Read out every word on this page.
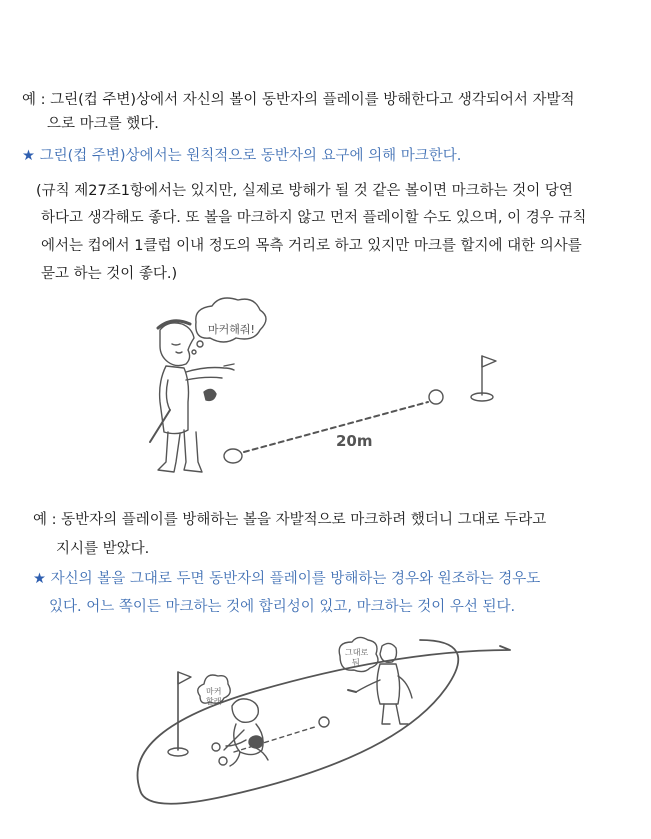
예 : 그린(컵 주변)상에서 자신의 볼이 동반자의 플레이를 방해한다고 생각되어서 자발적
으로 마크를 했다.
★ 그린(컵 주변)상에서는 원칙적으로 동반자의 요구에 의해 마크한다.
(규칙 제27조1항에서는 있지만, 실제로 방해가 될 것 같은 볼이면 마크하는 것이 당연
하다고 생각해도 좋다. 또 볼을 마크하지 않고 먼저 플레이할 수도 있으며, 이 경우 규칙
에서는 컵에서 1클럽 이내 정도의 목측 거리로 하고 있지만 마크를 할지에 대한 의사를
묻고 하는 것이 좋다.)
마커해줘!
20m
예 : 동반자의 플레이를 방해하는 볼을 자발적으로 마크하려 했더니 그대로 두라고
지시를 받았다.
★ 자신의 볼을 그대로 두면 동반자의 플레이를 방해하는 경우와 원조하는 경우도
있다. 어느 쪽이든 마크하는 것에 합리성이 있고, 마크하는 것이 우선 된다.
마커
할래
그대로
둬
